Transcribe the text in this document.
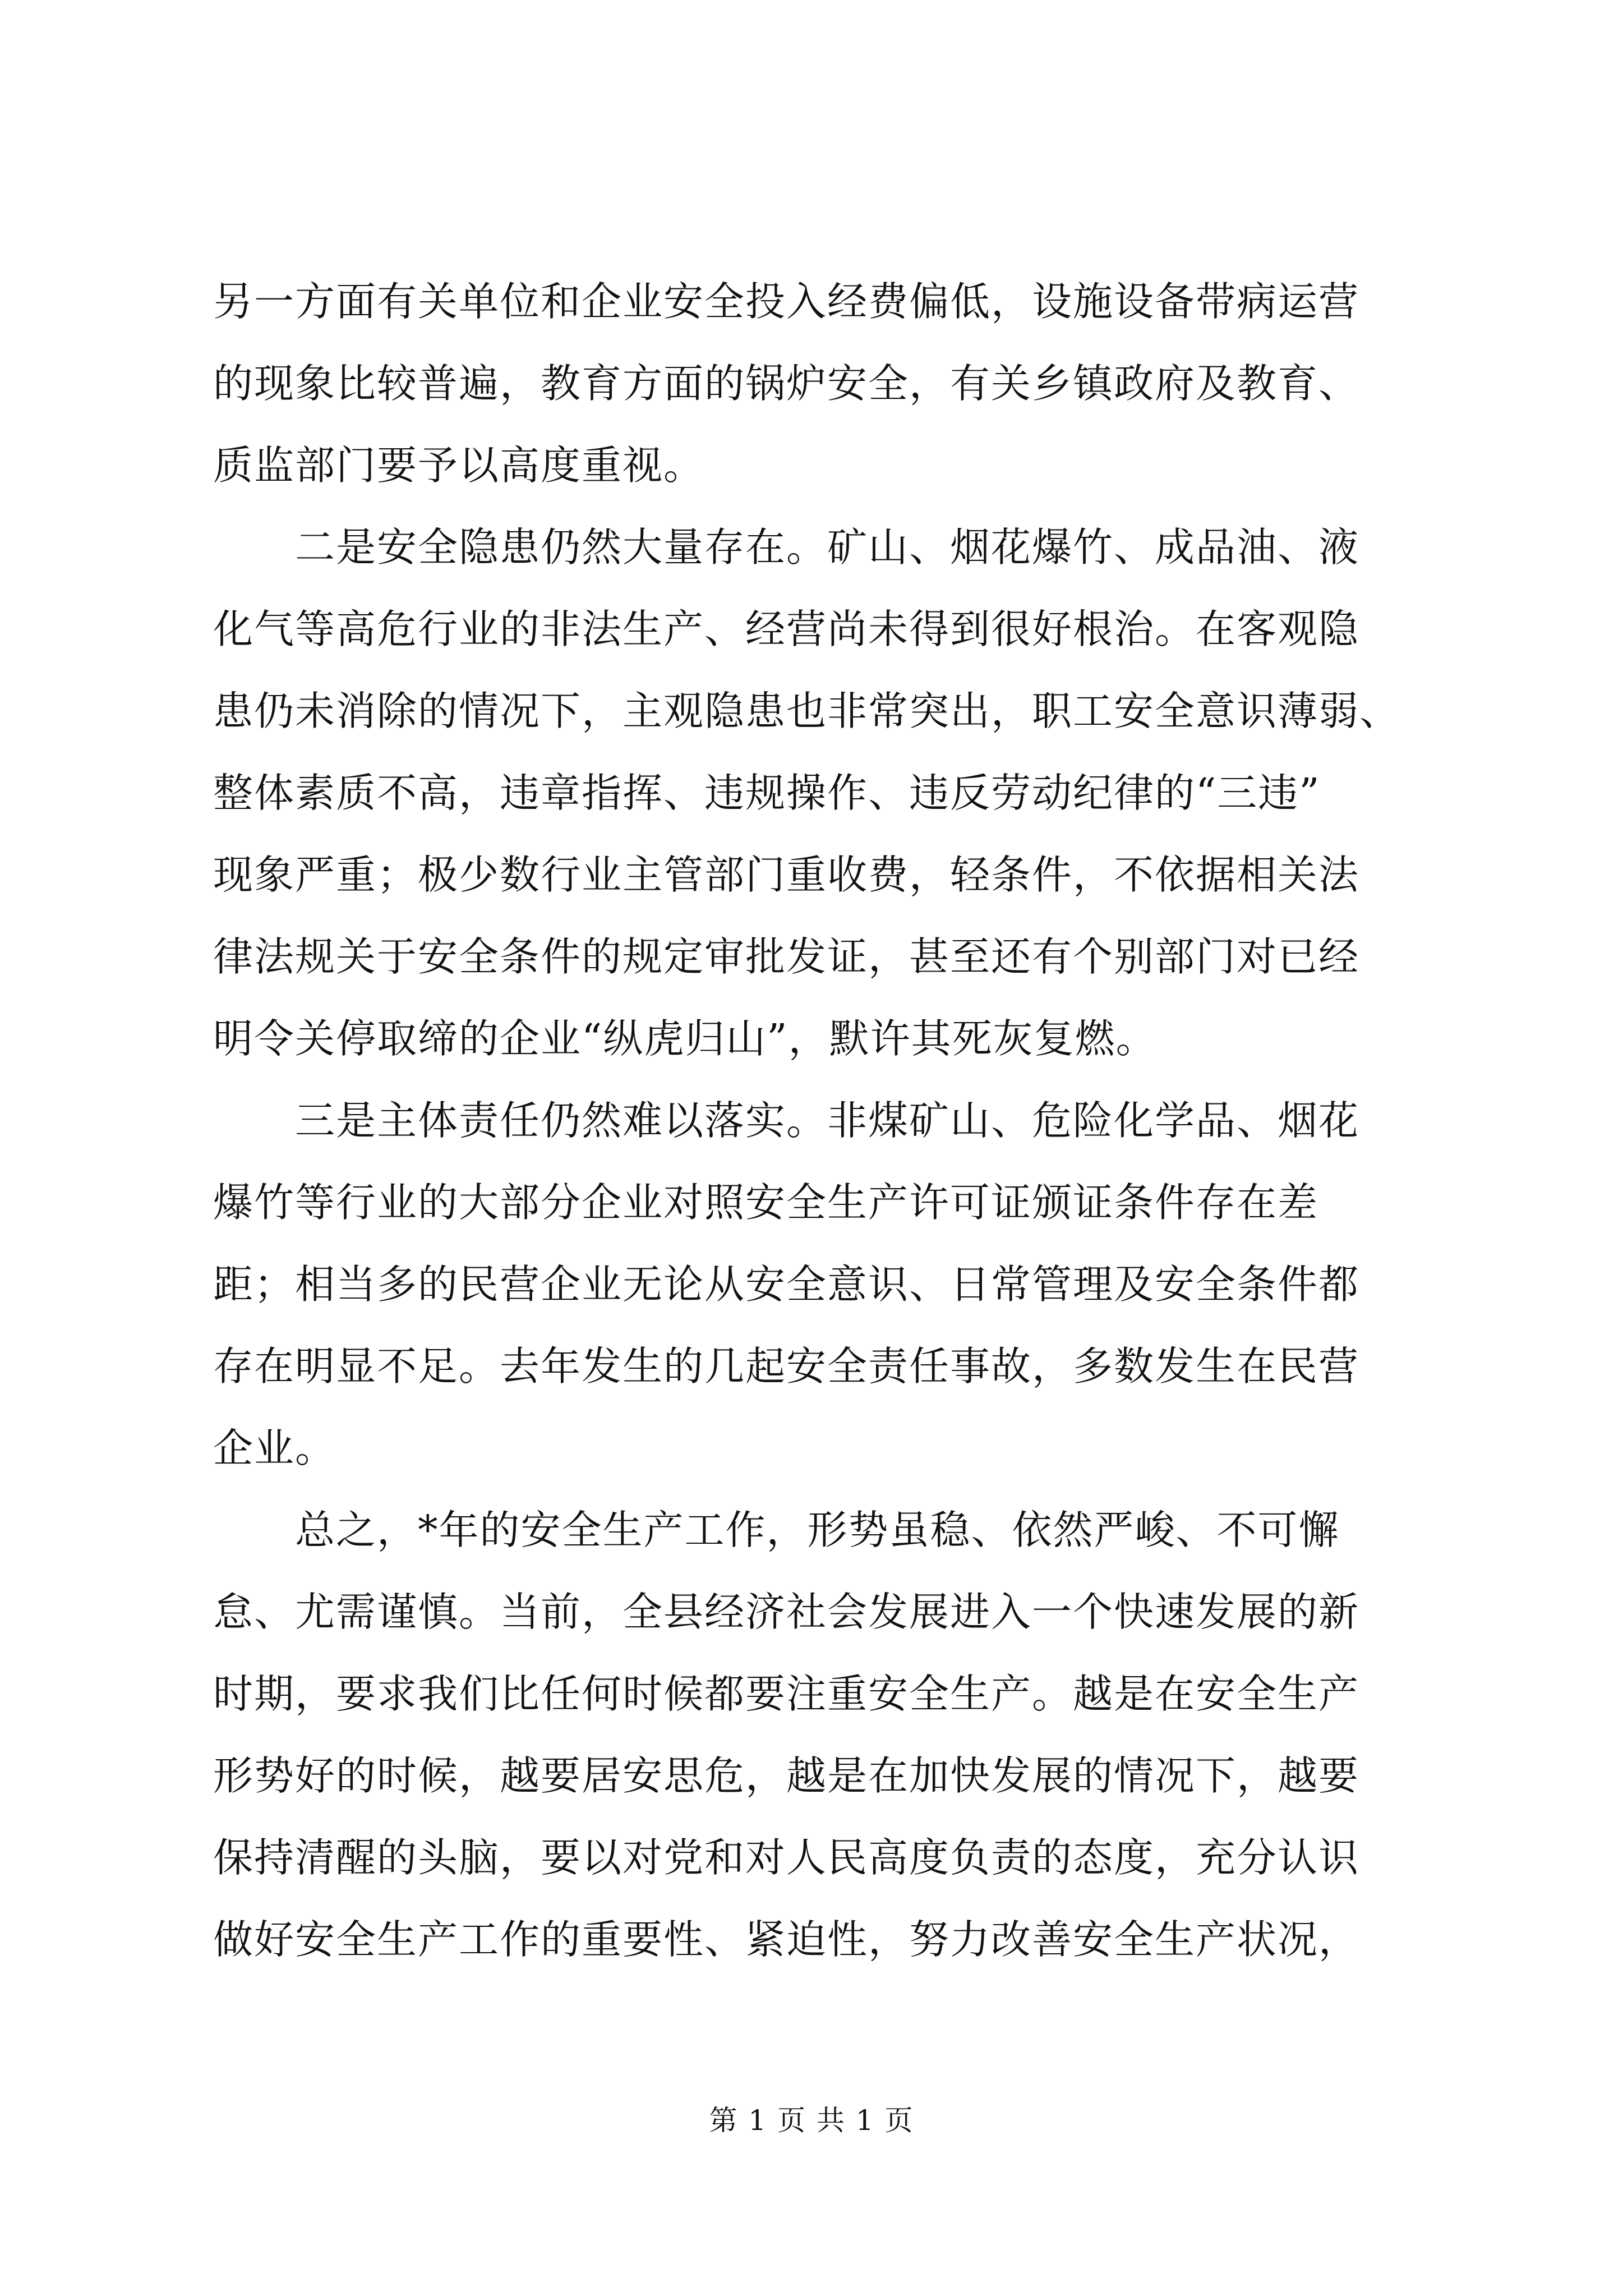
另一方面有关单位和企业安全投入经费偏低，设施设备带病运营
的现象比较普遍，教育方面的锅炉安全，有关乡镇政府及教育、
质监部门要予以高度重视。
　　二是安全隐患仍然大量存在。矿山、烟花爆竹、成品油、液
化气等高危行业的非法生产、经营尚未得到很好根治。在客观隐
患仍未消除的情况下，主观隐患也非常突出，职工安全意识薄弱、
整体素质不高，违章指挥、违规操作、违反劳动纪律的“三违”
现象严重；极少数行业主管部门重收费，轻条件，不依据相关法
律法规关于安全条件的规定审批发证，甚至还有个别部门对已经
明令关停取缔的企业“纵虎归山”，默许其死灰复燃。
　　三是主体责任仍然难以落实。非煤矿山、危险化学品、烟花
爆竹等行业的大部分企业对照安全生产许可证颁证条件存在差
距；相当多的民营企业无论从安全意识、日常管理及安全条件都
存在明显不足。去年发生的几起安全责任事故，多数发生在民营
企业。
　　总之，*年的安全生产工作，形势虽稳、依然严峻、不可懈
怠、尤需谨慎。当前，全县经济社会发展进入一个快速发展的新
时期，要求我们比任何时候都要注重安全生产。越是在安全生产
形势好的时候，越要居安思危，越是在加快发展的情况下，越要
保持清醒的头脑，要以对党和对人民高度负责的态度，充分认识
做好安全生产工作的重要性、紧迫性，努力改善安全生产状况，
第 1 页 共 1 页
